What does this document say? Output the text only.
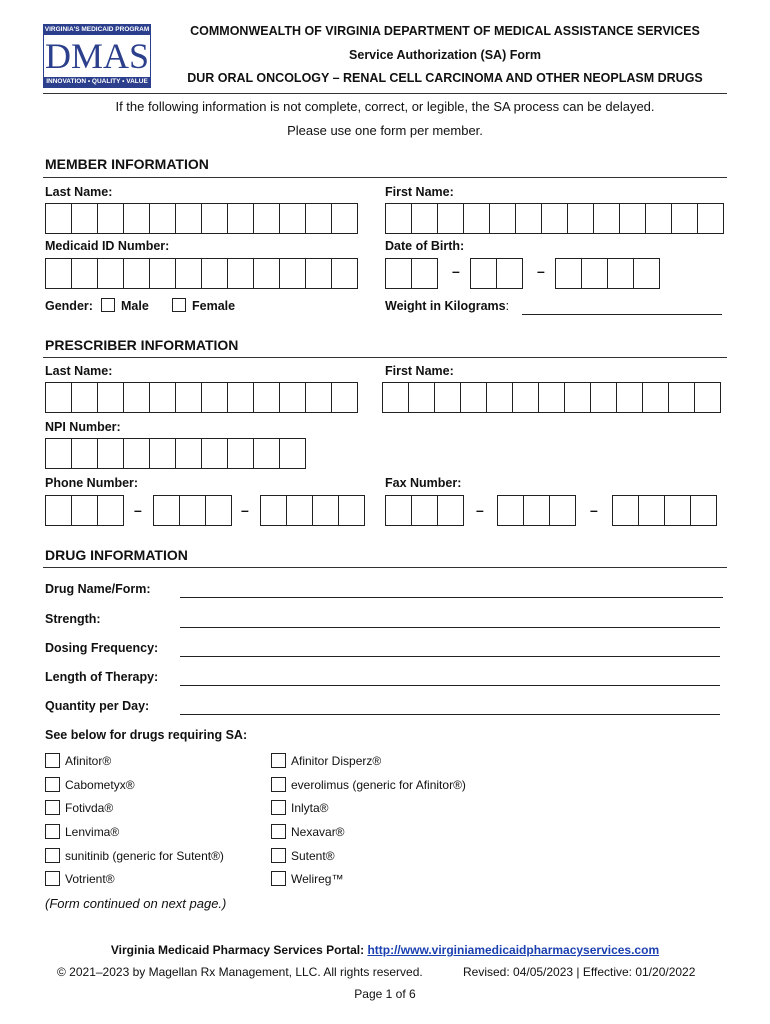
VIRGINIA'S MEDICAID PROGRAM
DMAS
INNOVATION • QUALITY • VALUE
COMMONWEALTH OF VIRGINIA DEPARTMENT OF MEDICAL ASSISTANCE SERVICES
Service Authorization (SA) Form
DUR ORAL ONCOLOGY – RENAL CELL CARCINOMA AND OTHER NEOPLASM DRUGS
If the following information is not complete, correct, or legible, the SA process can be delayed.
Please use one form per member.
MEMBER INFORMATION
Last Name:	First Name:
Medicaid ID Number:	Date of Birth:
–	–
Gender: Male	Female	Weight in Kilograms:
PRESCRIBER INFORMATION
Last Name:	First Name:
NPI Number:
Phone Number:	Fax Number:
–	–	–	–
DRUG INFORMATION
Drug Name/Form:
Strength:
Dosing Frequency:
Length of Therapy:
Quantity per Day:
See below for drugs requiring SA:
Afinitor®
Cabometyx®
Fotivda®
Lenvima®
sunitinib (generic for Sutent®)
Votrient®
Afinitor Disperz®
everolimus (generic for Afinitor®)
Inlyta®
Nexavar®
Sutent®
Welireg™
(Form continued on next page.)
Virginia Medicaid Pharmacy Services Portal: http://www.virginiamedicaidpharmacyservices.com
© 2021–2023 by Magellan Rx Management, LLC. All rights reserved.	Revised: 04/05/2023 | Effective: 01/20/2022
Page 1 of 6
